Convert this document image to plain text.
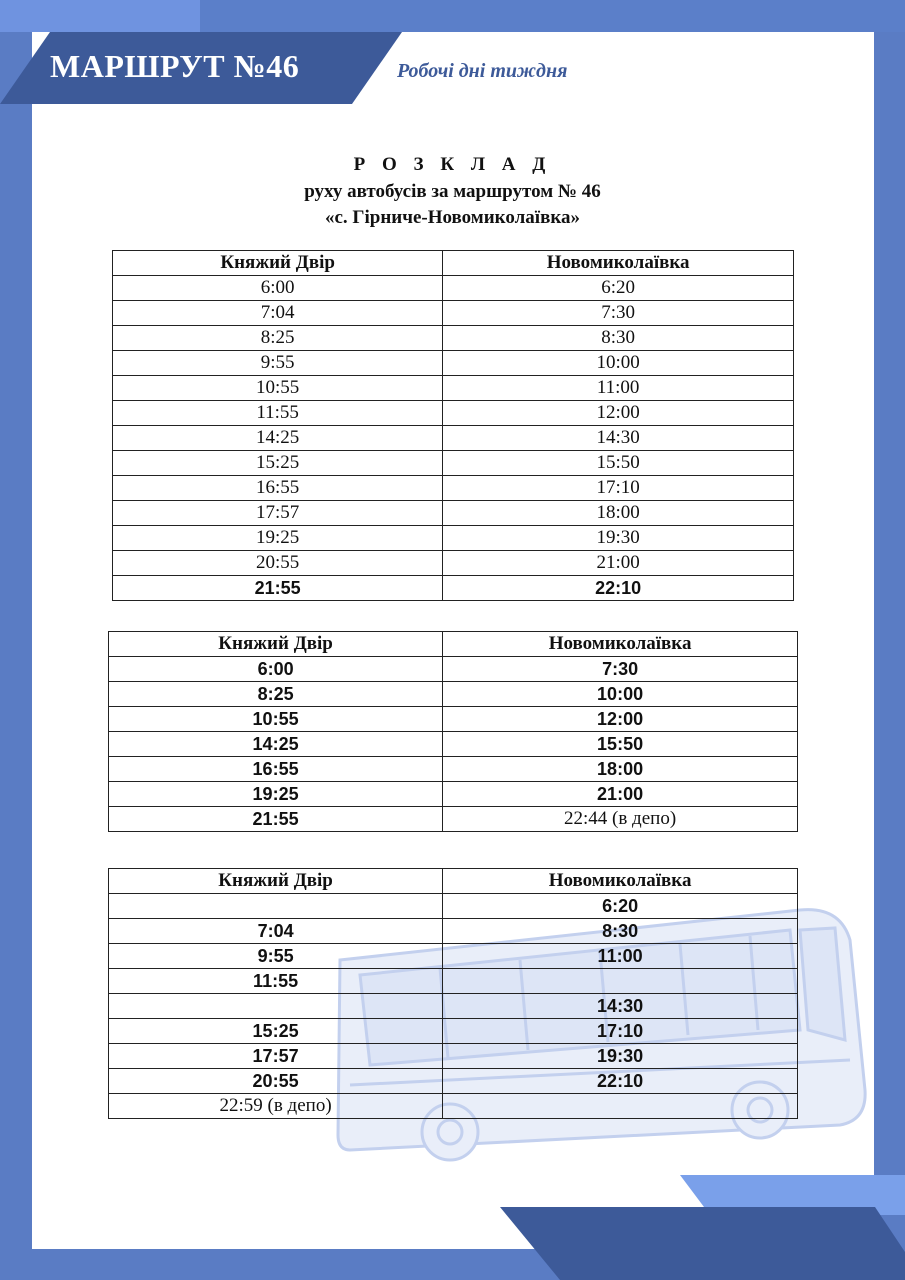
МАРШРУТ №46	Робочі дні тиждня
Р О З К Л А Д
руху автобусів за маршрутом № 46
«с. Гірниче-Новомиколаївка»
Княжий Двір	Новомиколаївка
6:00	6:20
7:04	7:30
8:25	8:30
9:55	10:00
10:55	11:00
11:55	12:00
14:25	14:30
15:25	15:50
16:55	17:10
17:57	18:00
19:25	19:30
20:55	21:00
21:55	22:10
Княжий Двір	Новомиколаївка
6:00	7:30
8:25	10:00
10:55	12:00
14:25	15:50
16:55	18:00
19:25	21:00
21:55	22:44 (в депо)
Княжий Двір	Новомиколаївка
	6:20
7:04	8:30
9:55	11:00
11:55	
	14:30
15:25	17:10
17:57	19:30
20:55	22:10
22:59 (в депо)	
